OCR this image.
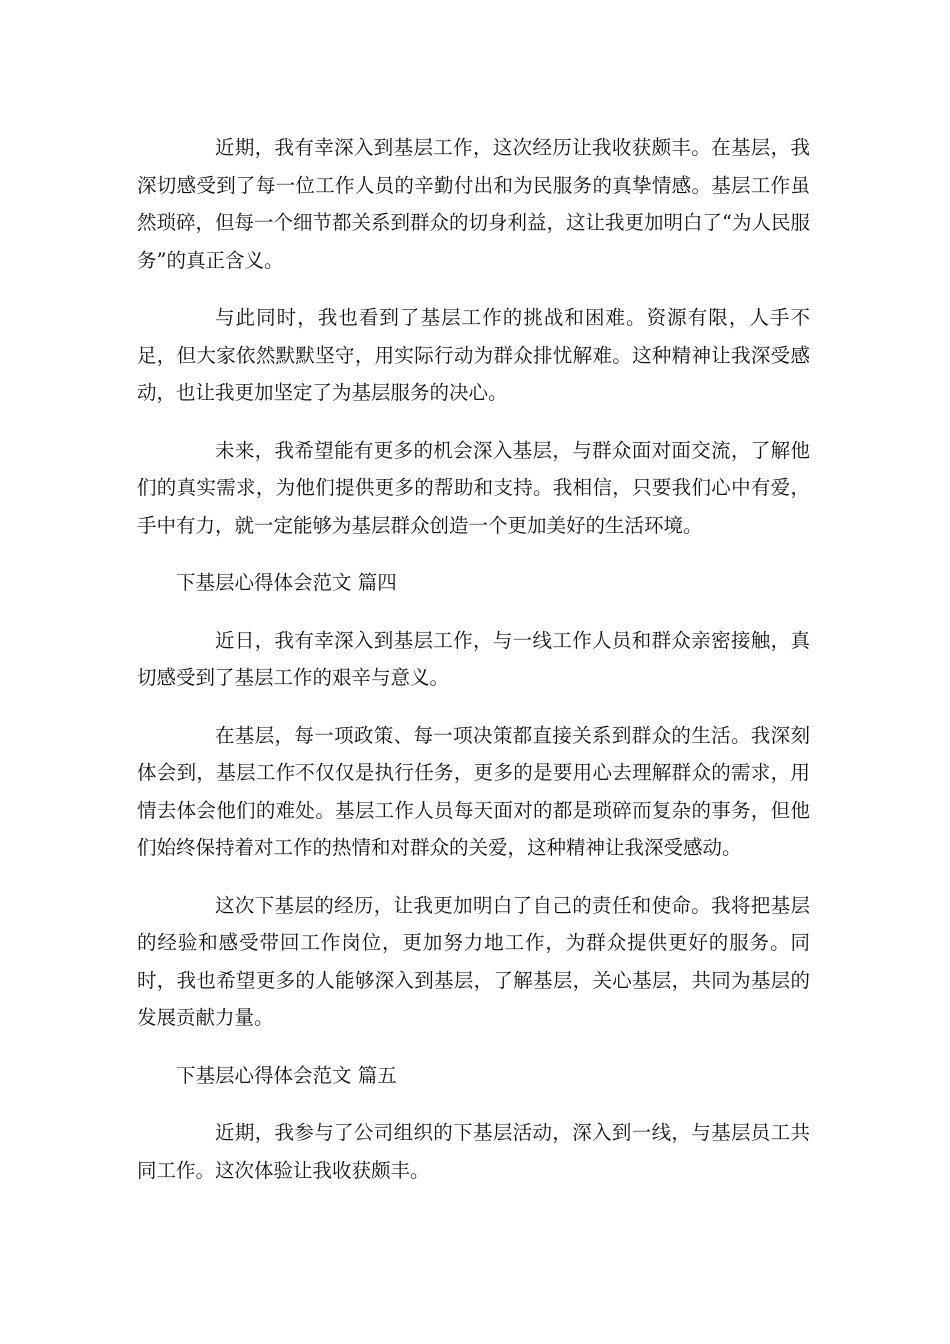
近期，我有幸深入到基层工作，这次经历让我收获颇丰。在基层，我深切感受到了每一位工作人员的辛勤付出和为民服务的真挚情感。基层工作虽然琐碎，但每一个细节都关系到群众的切身利益，这让我更加明白了“为人民服务”的真正含义。

与此同时，我也看到了基层工作的挑战和困难。资源有限，人手不足，但大家依然默默坚守，用实际行动为群众排忧解难。这种精神让我深受感动，也让我更加坚定了为基层服务的决心。

未来，我希望能有更多的机会深入基层，与群众面对面交流，了解他们的真实需求，为他们提供更多的帮助和支持。我相信，只要我们心中有爱，手中有力，就一定能够为基层群众创造一个更加美好的生活环境。

下基层心得体会范文 篇四

近日，我有幸深入到基层工作，与一线工作人员和群众亲密接触，真切感受到了基层工作的艰辛与意义。

在基层，每一项政策、每一项决策都直接关系到群众的生活。我深刻体会到，基层工作不仅仅是执行任务，更多的是要用心去理解群众的需求，用情去体会他们的难处。基层工作人员每天面对的都是琐碎而复杂的事务，但他们始终保持着对工作的热情和对群众的关爱，这种精神让我深受感动。

这次下基层的经历，让我更加明白了自己的责任和使命。我将把基层的经验和感受带回工作岗位，更加努力地工作，为群众提供更好的服务。同时，我也希望更多的人能够深入到基层，了解基层，关心基层，共同为基层的发展贡献力量。

下基层心得体会范文 篇五

近期，我参与了公司组织的下基层活动，深入到一线，与基层员工共同工作。这次体验让我收获颇丰。
